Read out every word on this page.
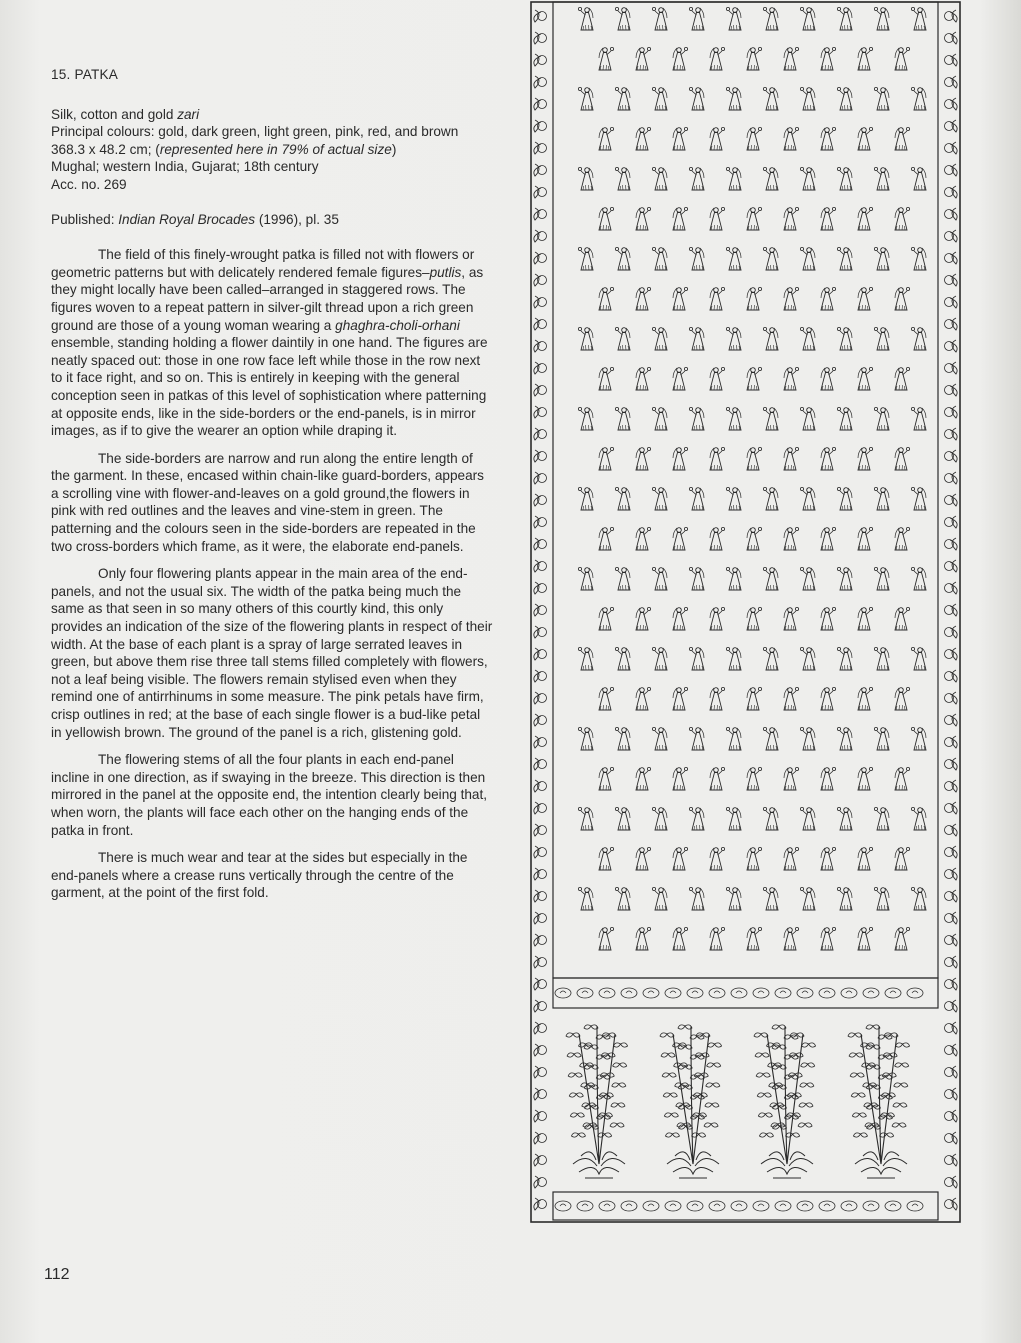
15. PATKA

Silk, cotton and gold zari

Principal colours: gold, dark green, light green, pink, red, and brown

368.3 x 48.2 cm; (represented here in 79% of actual size)

Mughal; western India, Gujarat; 18th century

Acc. no. 269

Published: Indian Royal Brocades (1996), pl. 35

The field of this finely-wrought patka is filled not with flowers or geometric patterns but with delicately rendered female figures–putlis, as they might locally have been called–arranged in staggered rows. The figures woven to a repeat pattern in silver-gilt thread upon a rich green ground are those of a young woman wearing a ghaghra-choli-orhani ensemble, standing holding a flower daintily in one hand. The figures are neatly spaced out: those in one row face left while those in the row next to it face right, and so on. This is entirely in keeping with the general conception seen in patkas of this level of sophistication where patterning at opposite ends, like in the side-borders or the end-panels, is in mirror images, as if to give the wearer an option while draping it.

The side-borders are narrow and run along the entire length of the garment. In these, encased within chain-like guard-borders, appears a scrolling vine with flower-and-leaves on a gold ground,the flowers in pink with red outlines and the leaves and vine-stem in green. The patterning and the colours seen in the side-borders are repeated in the two cross-borders which frame, as it were, the elaborate end-panels.

Only four flowering plants appear in the main area of the end-panels, and not the usual six. The width of the patka being much the same as that seen in so many others of this courtly kind, this only provides an indication of the size of the flowering plants in respect of their width. At the base of each plant is a spray of large serrated leaves in green, but above them rise three tall stems filled completely with flowers, not a leaf being visible. The flowers remain stylised even when they remind one of antirrhinums in some measure. The pink petals have firm, crisp outlines in red; at the base of each single flower is a bud-like petal in yellowish brown. The ground of the panel is a rich, glistening gold.

The flowering stems of all the four plants in each end-panel incline in one direction, as if swaying in the breeze. This direction is then mirrored in the panel at the opposite end, the intention clearly being that, when worn, the plants will face each other on the hanging ends of the patka in front.

There is much wear and tear at the sides but especially in the end-panels where a crease runs vertically through the centre of the garment, at the point of the first fold.

112
